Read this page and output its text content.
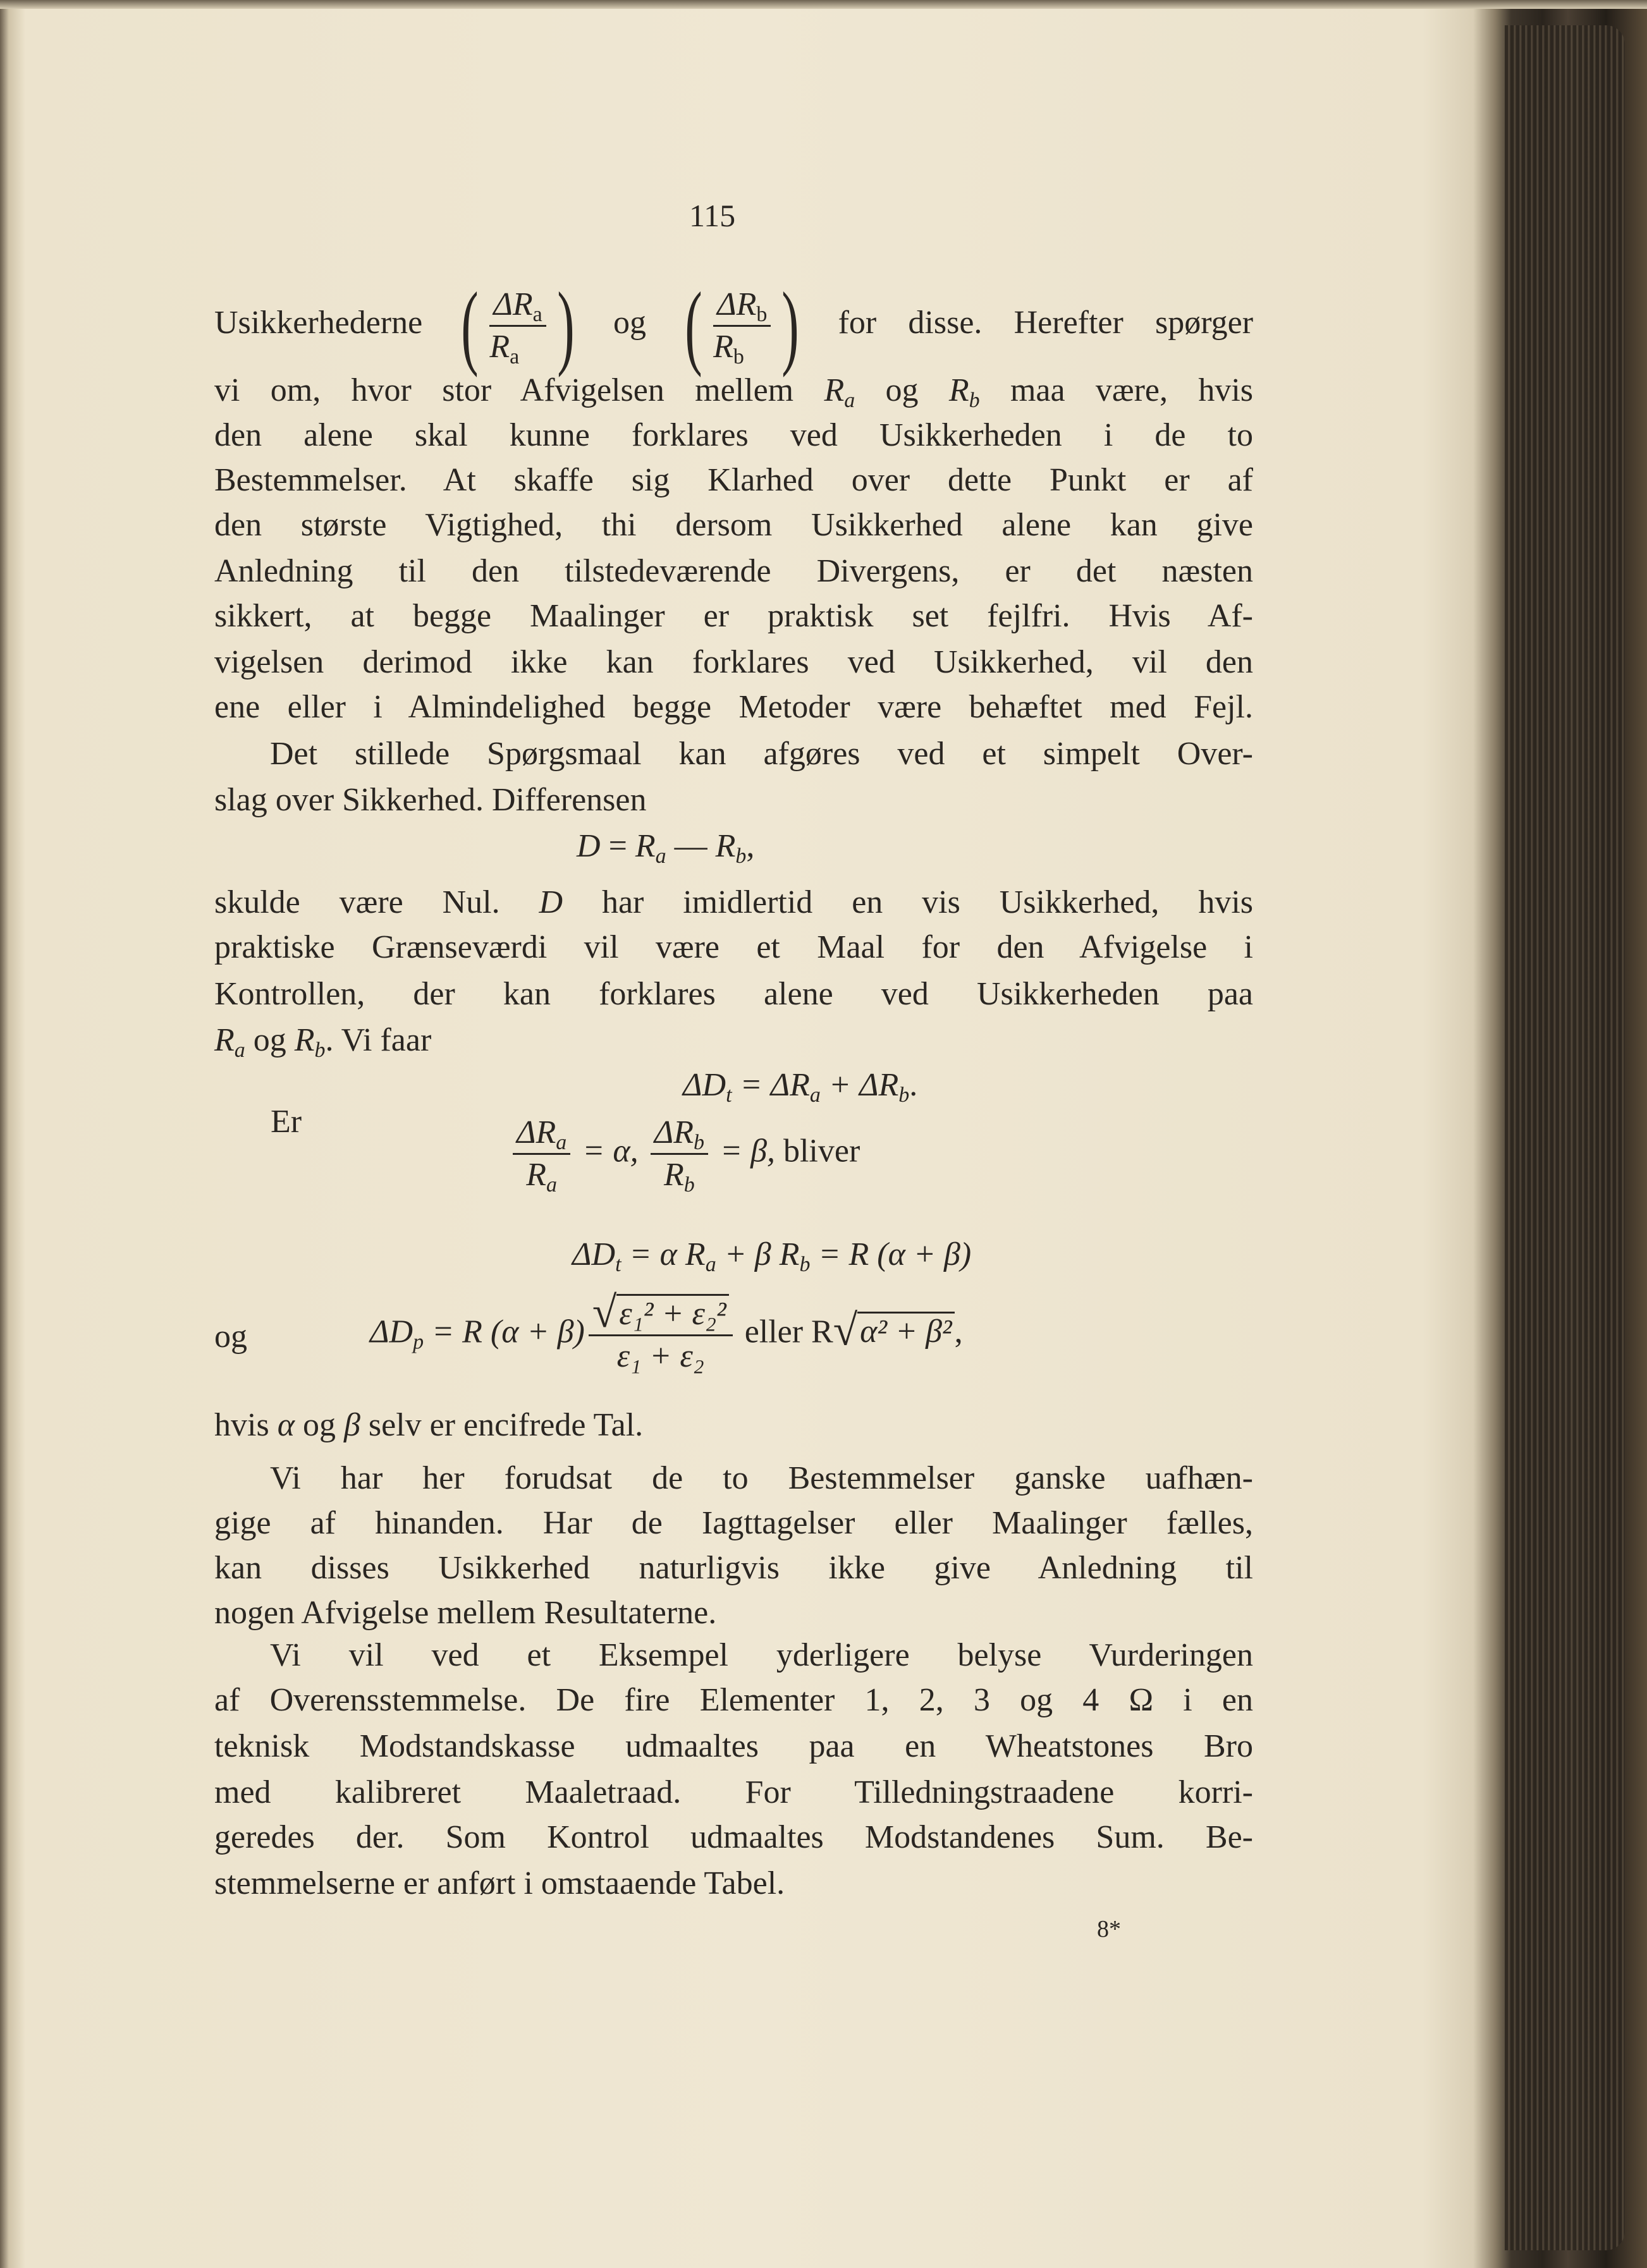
115
Usikkerhederne ( $\frac{\Delta R_a}{R_a}$ ) og ( $\frac{\Delta R_b}{R_b}$ ) for disse. Herefter spørger
vi om, hvor stor Afvigelsen mellem $R_a$ og $R_b$ maa være, hvis
den alene skal kunne forklares ved Usikkerheden i de to
Bestemmelser. At skaffe sig Klarhed over dette Punkt er af
den største Vigtighed, thi dersom Usikkerhed alene kan give
Anledning til den tilstedeværende Divergens, er det næsten
sikkert, at begge Maalinger er praktisk set fejlfri. Hvis Af-
vigelsen derimod ikke kan forklares ved Usikkerhed, vil den
ene eller i Almindelighed begge Metoder være behæftet med Fejl.
Det stillede Spørgsmaal kan afgøres ved et simpelt Over-
slag over Sikkerhed. Differensen
skulde være Nul. D har imidlertid en vis Usikkerhed, hvis
praktiske Grænseværdi vil være et Maal for den Afvigelse i
Kontrollen, der kan forklares alene ved Usikkerheden paa
$R_a$ og $R_b$. Vi faar
hvis α og β selv er encifrede Tal.
Vi har her forudsat de to Bestemmelser ganske uafhæn-
gige af hinanden. Har de Iagttagelser eller Maalinger fælles,
kan disses Usikkerhed naturligvis ikke give Anledning til
nogen Afvigelse mellem Resultaterne.
Vi vil ved et Eksempel yderligere belyse Vurderingen
af Overensstemmelse. De fire Elementer 1, 2, 3 og 4 Ω i en
teknisk Modstandskasse udmaaltes paa en Wheatstones Bro
med kalibreret Maaletraad. For Tilledningstraadene korri-
geredes der. Som Kontrol udmaaltes Modstandenes Sum. Be-
stemmelserne er anført i omstaaende Tabel.
$D = R_a$ — $R_b$,
$\Delta D_t = \Delta R_a + \Delta R_b$.
Er	$\frac{\Delta R_a}{R_a} = \alpha$, $\frac{\Delta R_b}{R_b} = \beta$, bliver
$\Delta D_t = \alpha$ $R_a + \beta$ $R_b = R$ (α + β)
og	$\Delta D_p = R$ $(\alpha + \beta) \frac{\text{√ε₁² + ε₂²}}{\text{ε₁ + ε₂}}$ eller R√α² + β²,
8*
